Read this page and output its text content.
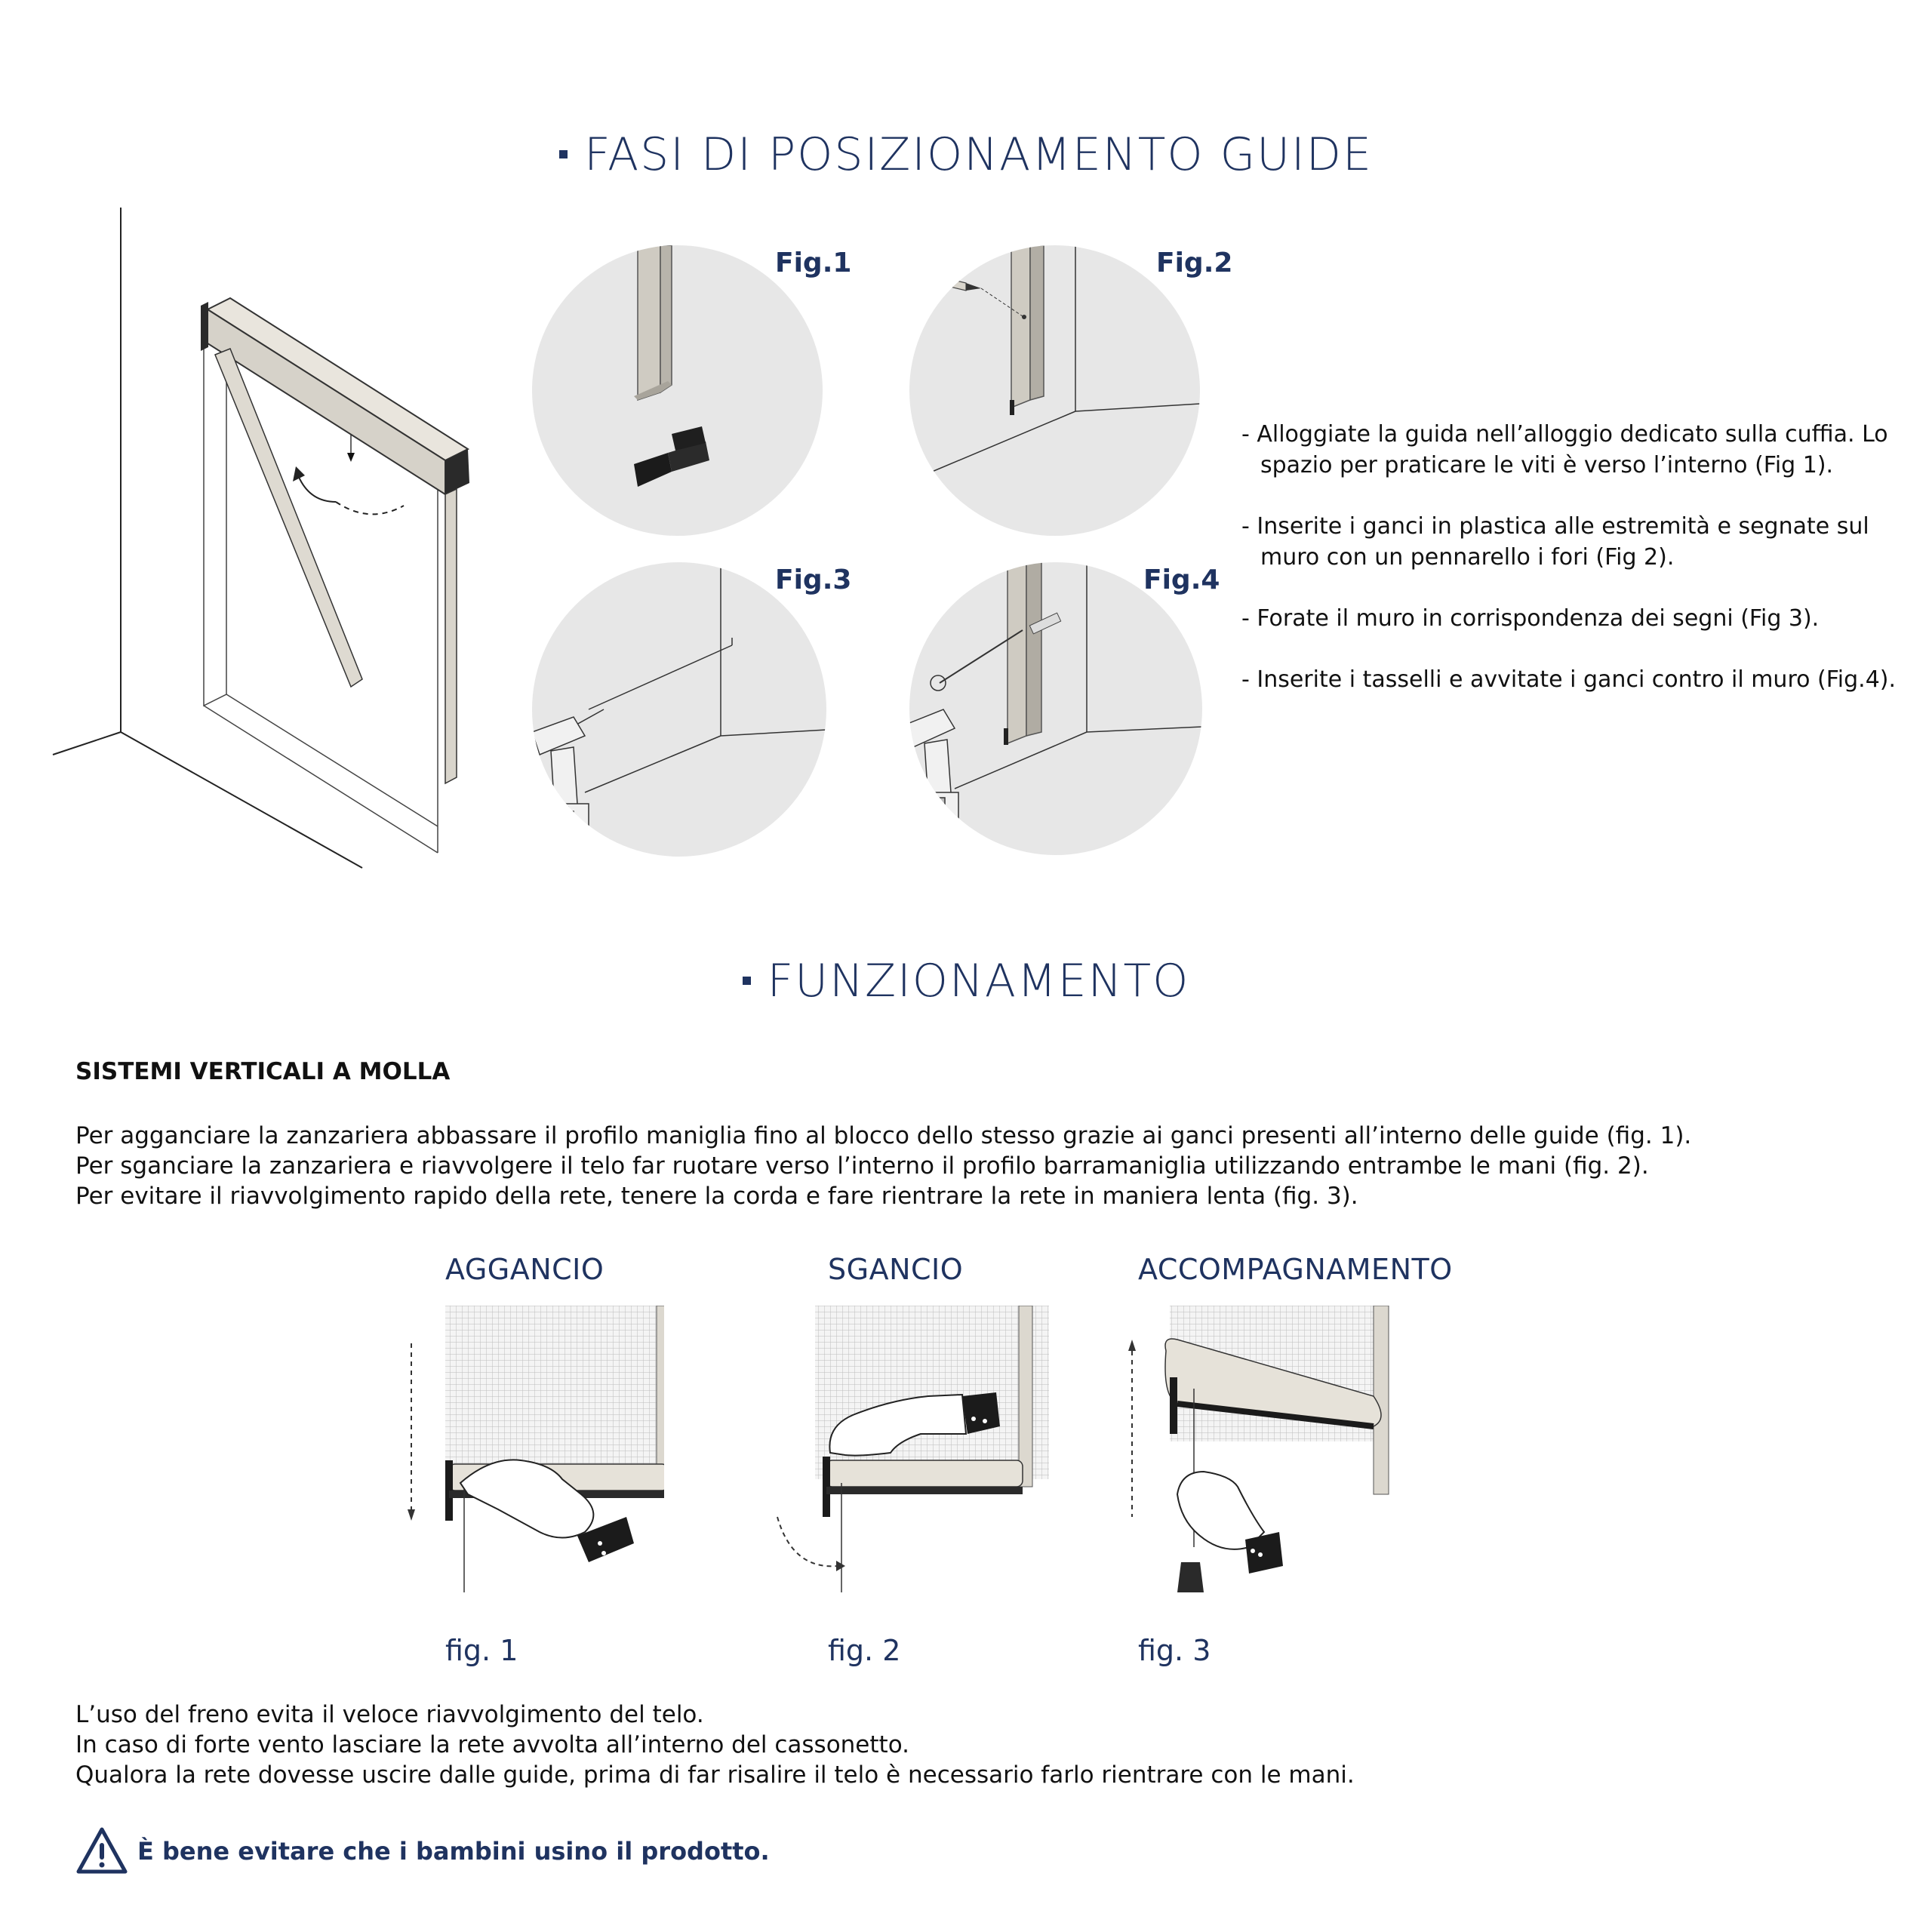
FASI DI POSIZIONAMENTO GUIDE
Fig.1	Fig.2
Fig.3	Fig.4
- Alloggiate la guida nell’alloggio dedicato sulla cuffia. Lo spazio per praticare le viti è verso l’interno (Fig 1).
- Inserite i ganci in plastica alle estremità e segnate sul muro con un pennarello i fori (Fig 2).
- Forate il muro in corrispondenza dei segni (Fig 3).
- Inserite i tasselli e avvitate i ganci contro il muro (Fig.4).
FUNZIONAMENTO
SISTEMI VERTICALI A MOLLA
Per agganciare la zanzariera abbassare il profilo maniglia fino al blocco dello stesso grazie ai ganci presenti all’interno delle guide (fig. 1).
Per sganciare la zanzariera e riavvolgere il telo far ruotare verso l’interno il profilo barramaniglia utilizzando entrambe le mani (fig. 2).
Per evitare il riavvolgimento rapido della rete, tenere la corda e fare rientrare la rete in maniera lenta (fig. 3).
AGGANCIO	SGANCIO	ACCOMPAGNAMENTO
fig. 1	fig. 2	fig. 3
L’uso del freno evita il veloce riavvolgimento del telo.
In caso di forte vento lasciare la rete avvolta all’interno del cassonetto.
Qualora la rete dovesse uscire dalle guide, prima di far risalire il telo è necessario farlo rientrare con le mani.
È bene evitare che i bambini usino il prodotto.
